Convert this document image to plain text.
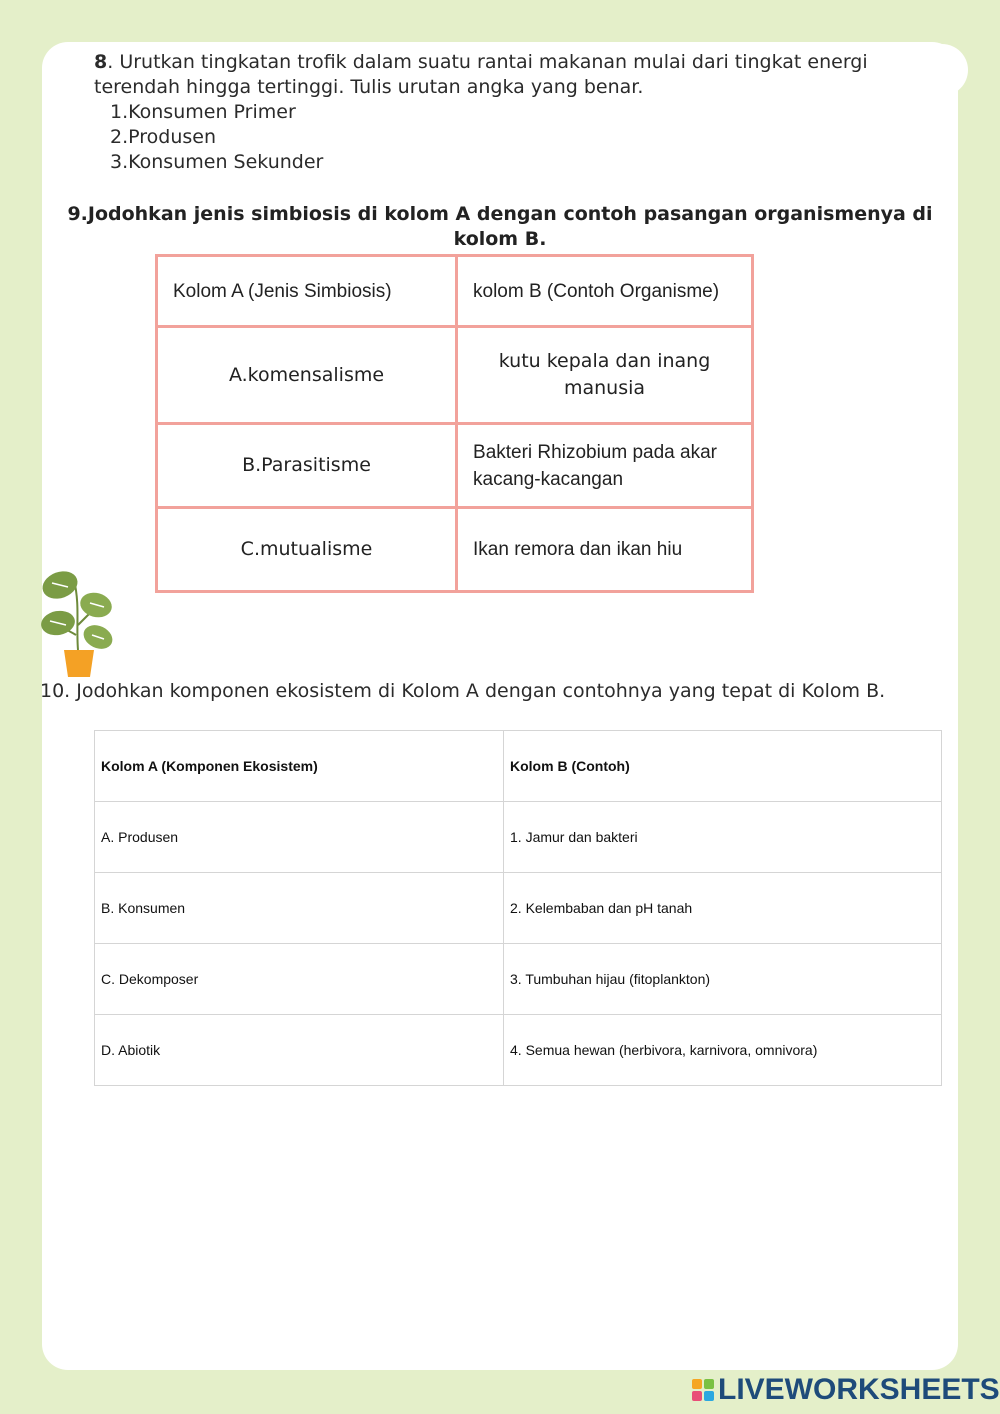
8. Urutkan tingkatan trofik dalam suatu rantai makanan mulai dari tingkat energi terendah hingga tertinggi. Tulis urutan angka yang benar.
1.Konsumen Primer
2.Produsen
3.Konsumen Sekunder
9.Jodohkan jenis simbiosis di kolom A dengan contoh pasangan organismenya di kolom B.
Kolom A (Jenis Simbiosis)	kolom B (Contoh Organisme)
A.komensalisme	kutu kepala dan inang manusia
B.Parasitisme	Bakteri Rhizobium pada akar kacang-kacangan
C.mutualisme	Ikan remora dan ikan hiu
10. Jodohkan komponen ekosistem di Kolom A dengan contohnya yang tepat di Kolom B.
Kolom A (Komponen Ekosistem)	Kolom B (Contoh)
A. Produsen	1. Jamur dan bakteri
B. Konsumen	2. Kelembaban dan pH tanah
C. Dekomposer	3. Tumbuhan hijau (fitoplankton)
D. Abiotik	4. Semua hewan (herbivora, karnivora, omnivora)
LIVEWORKSHEETS
